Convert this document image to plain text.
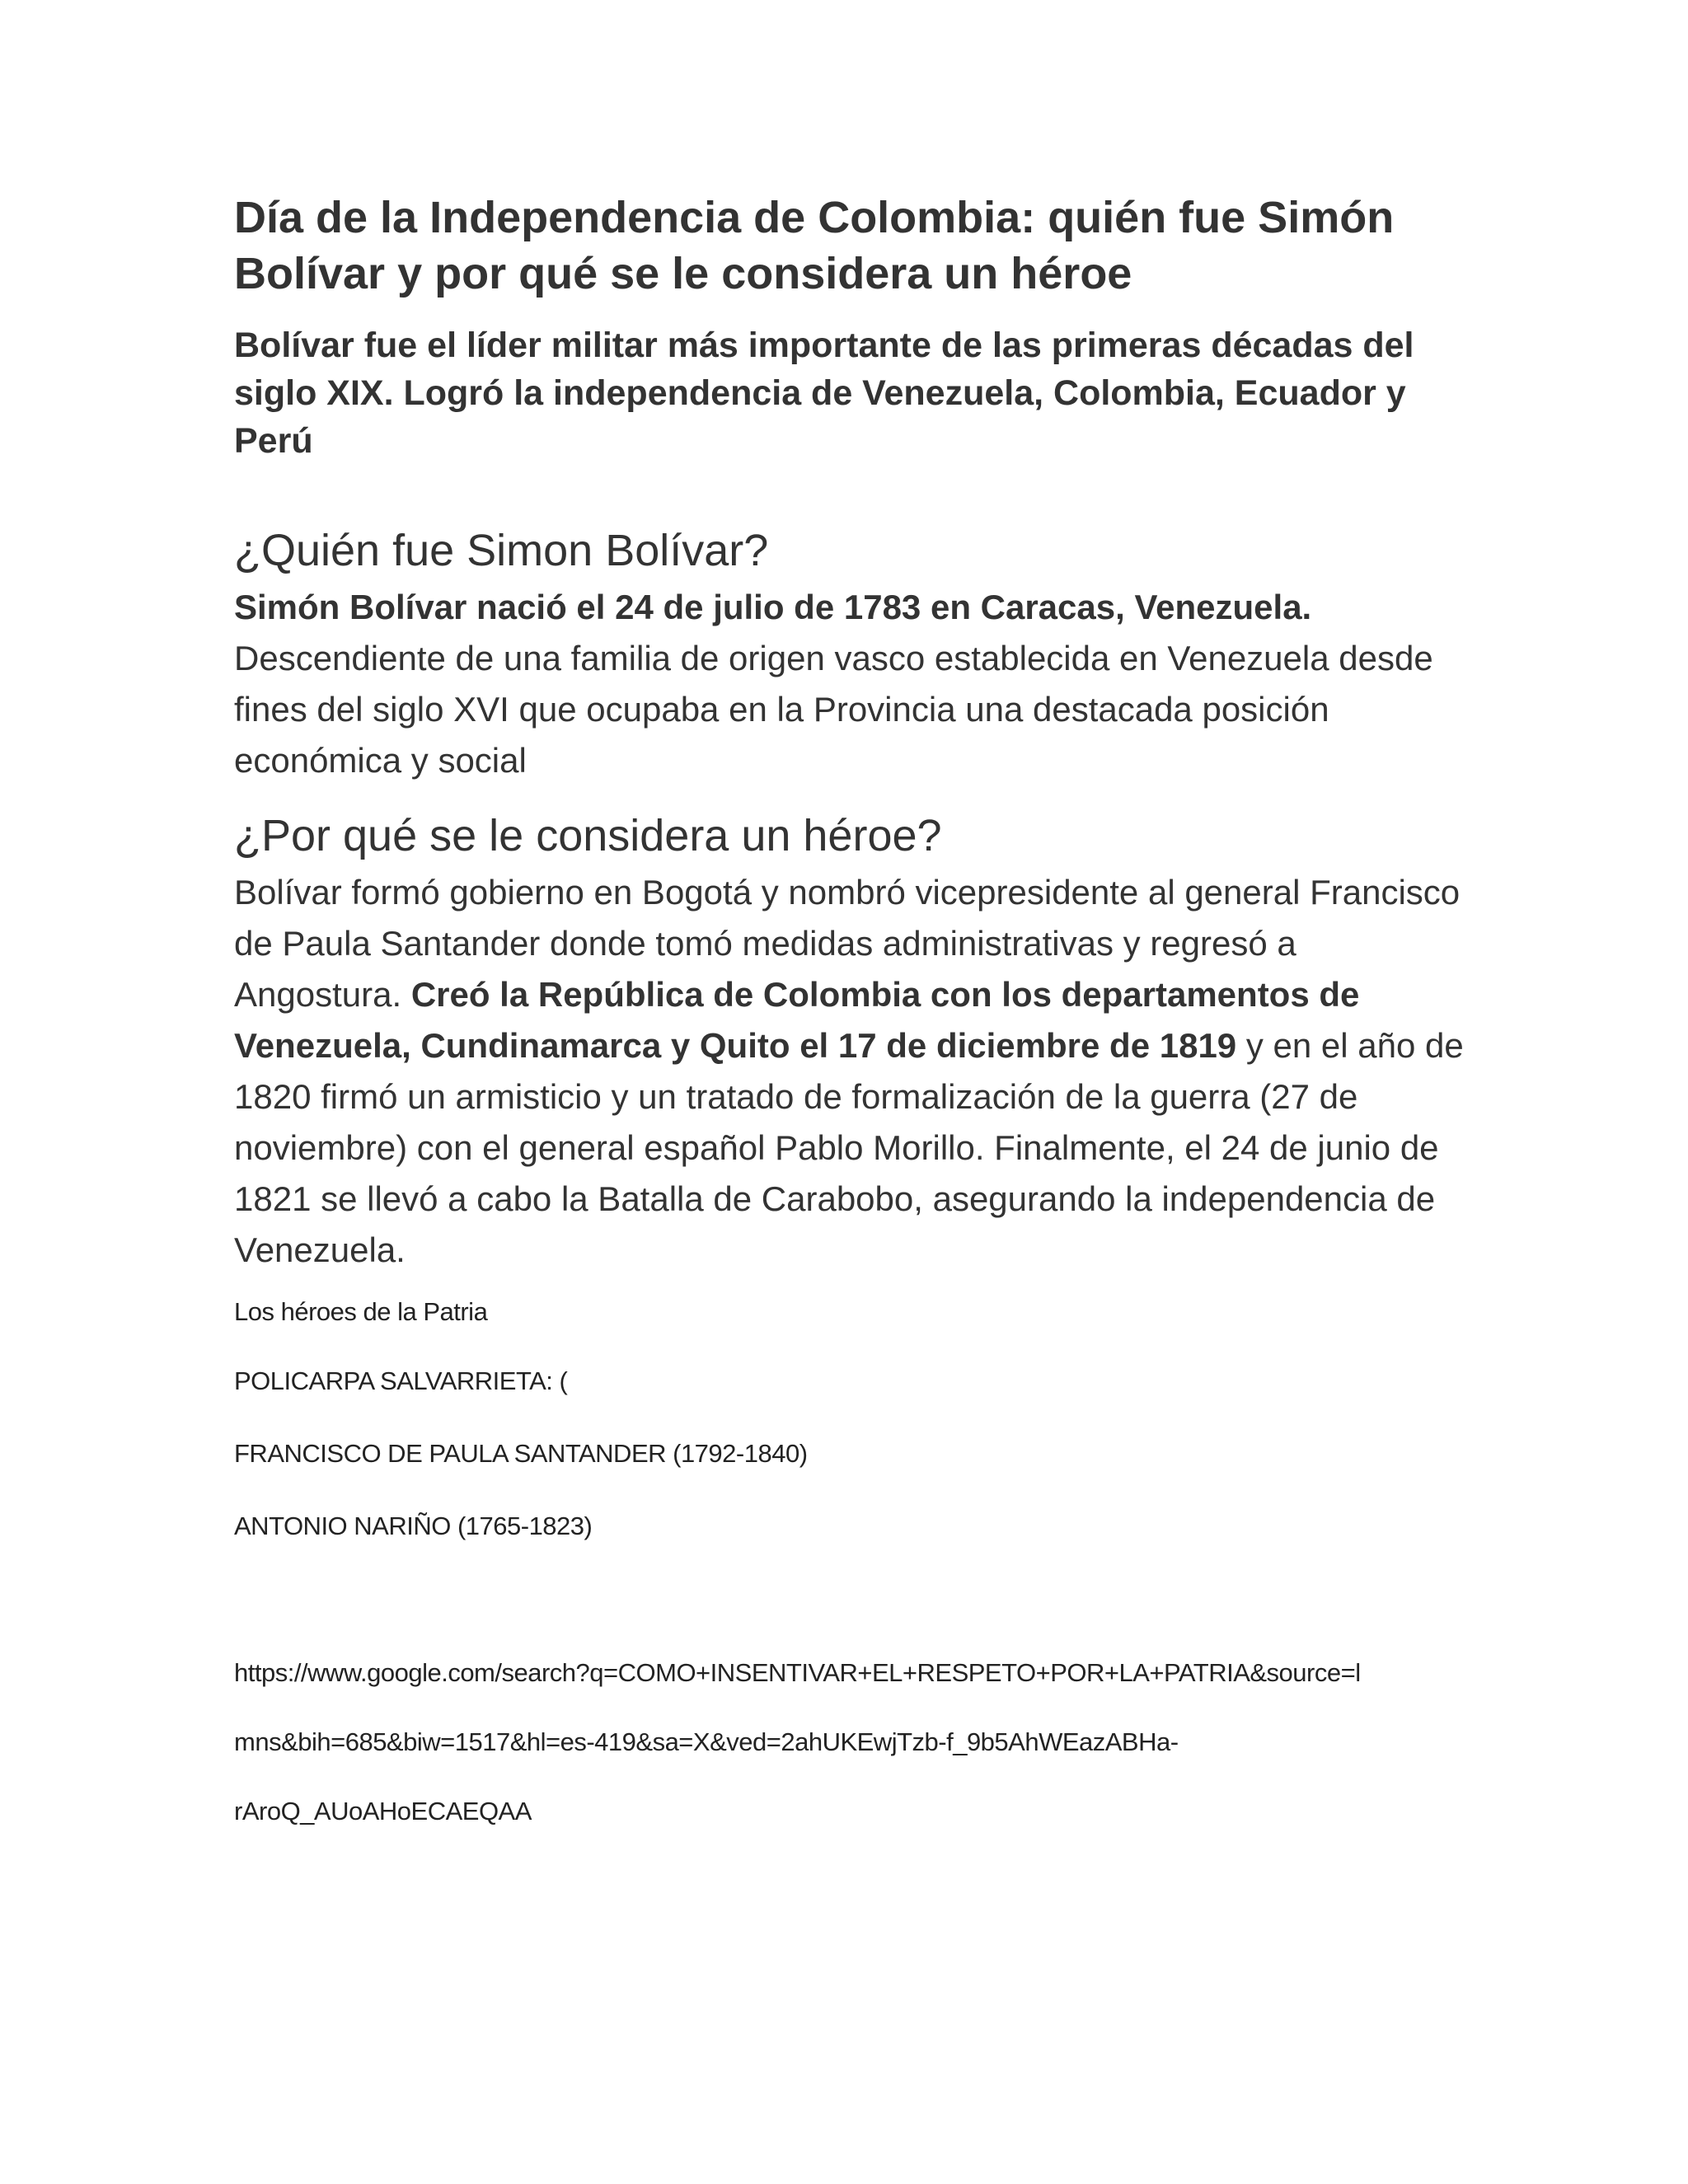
Día de la Independencia de Colombia: quién fue Simón Bolívar y por qué se le considera un héroe

Bolívar fue el líder militar más importante de las primeras décadas del siglo XIX. Logró la independencia de Venezuela, Colombia, Ecuador y Perú

¿Quién fue Simon Bolívar?

Simón Bolívar nació el 24 de julio de 1783 en Caracas, Venezuela. Descendiente de una familia de origen vasco establecida en Venezuela desde fines del siglo XVI que ocupaba en la Provincia una destacada posición económica y social

¿Por qué se le considera un héroe?

Bolívar formó gobierno en Bogotá y nombró vicepresidente al general Francisco de Paula Santander donde tomó medidas administrativas y regresó a Angostura. Creó la República de Colombia con los departamentos de Venezuela, Cundinamarca y Quito el 17 de diciembre de 1819 y en el año de 1820 firmó un armisticio y un tratado de formalización de la guerra (27 de noviembre) con el general español Pablo Morillo. Finalmente, el 24 de junio de 1821 se llevó a cabo la Batalla de Carabobo, asegurando la independencia de Venezuela.

Los héroes de la Patria

POLICARPA SALVARRIETA: (

FRANCISCO DE PAULA SANTANDER (1792-1840)

ANTONIO NARIÑO (1765-1823)

https://www.google.com/search?q=COMO+INSENTIVAR+EL+RESPETO+POR+LA+PATRIA&source=l
mns&bih=685&biw=1517&hl=es-419&sa=X&ved=2ahUKEwjTzb-f_9b5AhWEazABHa-
rAroQ_AUoAHoECAEQAA
